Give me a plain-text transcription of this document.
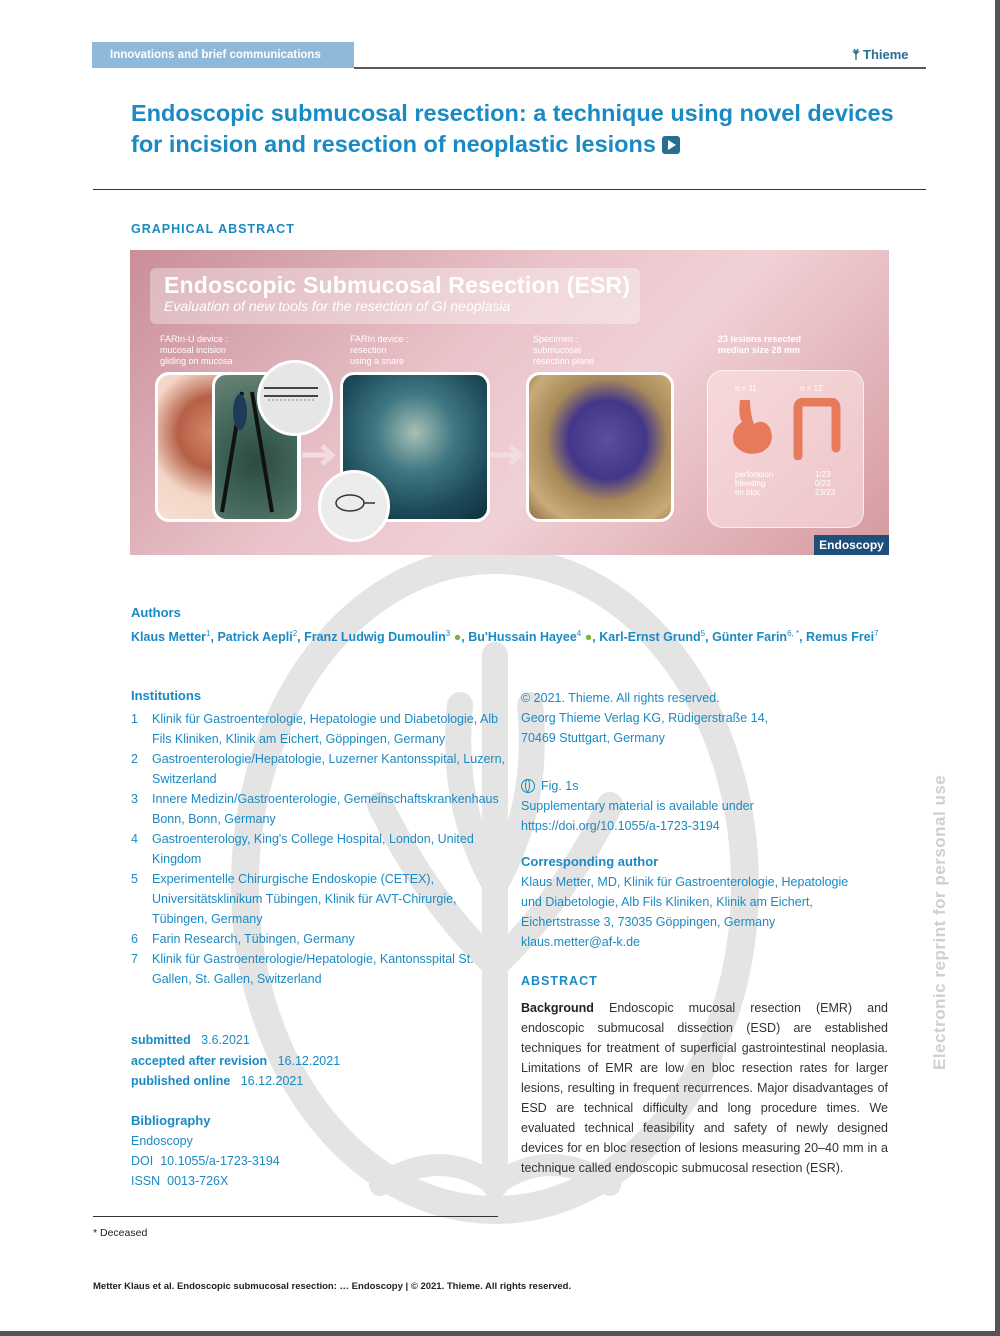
Innovations and brief communications	Thieme
Endoscopic submucosal resection: a technique using novel devices for incision and resection of neoplastic lesions
GRAPHICAL ABSTRACT
Endoscopic Submucosal Resection (ESR)
Evaluation of new tools for the resection of GI neoplasia
FARIn-U device :
mucosal incision
gliding on mucosa
FARIn device :
resection
using a snare
Specimen :
submucosal
resection plane
23 lesions resected
median size 28 mm
n = 11	n = 12
perforation	1/23
bleeding	0/23
en bloc	23/23
Endoscopy
Electronic reprint for personal use
Authors
Klaus Metter$^1$, Patrick Aepli$^2$, Franz Ludwig Dumoulin$^3$ ●, Bu'Hussain Hayee$^4$ ●, Karl-Ernst Grund$^5$, Günter Farin$^{6, *}$, Remus Frei$^7$
Institutions
1 Klinik für Gastroenterologie, Hepatologie und Diabetologie, Alb Fils Kliniken, Klinik am Eichert, Göppingen, Germany
2 Gastroenterologie/Hepatologie, Luzerner Kantonsspital, Luzern, Switzerland
3 Innere Medizin/Gastroenterologie, Gemeinschaftskrankenhaus Bonn, Bonn, Germany
4 Gastroenterology, King's College Hospital, London, United Kingdom
5 Experimentelle Chirurgische Endoskopie (CETEX), Universitätsklinikum Tübingen, Klinik für AVT-Chirurgie, Tübingen, Germany
6 Farin Research, Tübingen, Germany
7 Klinik für Gastroenterologie/Hepatologie, Kantonsspital St. Gallen, St. Gallen, Switzerland
submitted 3.6.2021
accepted after revision 16.12.2021
published online 16.12.2021
Bibliography
Endoscopy
DOI 10.1055/a-1723-3194
ISSN 0013-726X
© 2021. Thieme. All rights reserved.
Georg Thieme Verlag KG, Rüdigerstraße 14,
70469 Stuttgart, Germany
Fig. 1s
Supplementary material is available under
https://doi.org/10.1055/a-1723-3194
Corresponding author
Klaus Metter, MD, Klinik für Gastroenterologie, Hepatologie
und Diabetologie, Alb Fils Kliniken, Klinik am Eichert,
Eichertstrasse 3, 73035 Göppingen, Germany
klaus.metter@af-k.de
ABSTRACT
Background Endoscopic mucosal resection (EMR) and endoscopic submucosal dissection (ESD) are established techniques for treatment of superficial gastrointestinal neoplasia. Limitations of EMR are low en bloc resection rates for larger lesions, resulting in frequent recurrences. Major disadvantages of ESD are technical difficulty and long procedure times. We evaluated technical feasibility and safety of newly designed devices for en bloc resection of lesions measuring 20–40 mm in a technique called endoscopic submucosal resection (ESR).
* Deceased
Metter Klaus et al. Endoscopic submucosal resection: … Endoscopy | © 2021. Thieme. All rights reserved.
